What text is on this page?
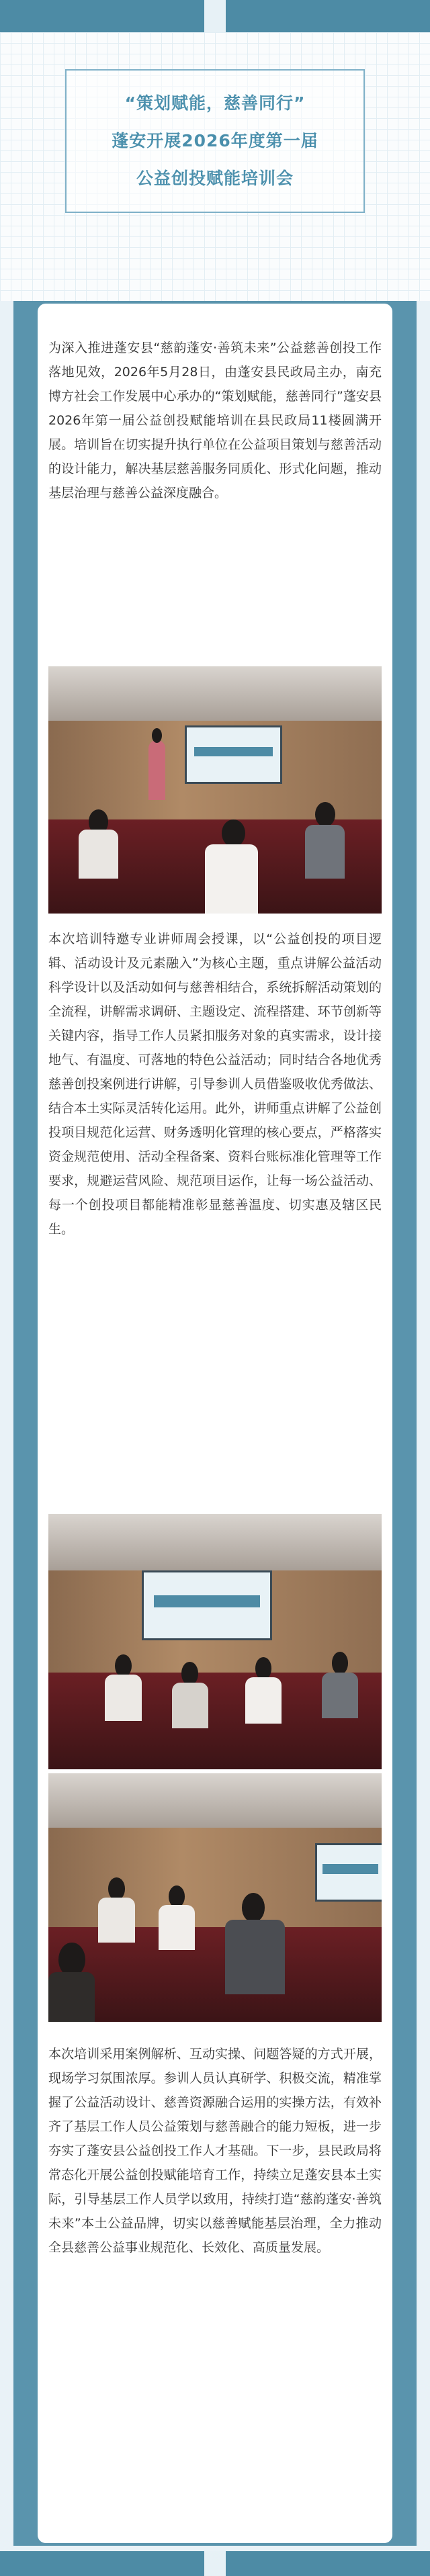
“策划赋能，慈善同行”
蓬安开展2026年度第一届
公益创投赋能培训会

为深入推进蓬安县“慈韵蓬安·善筑未来”公益慈善创投工作落地见效，2026年5月28日，由蓬安县民政局主办，南充博方社会工作发展中心承办的“策划赋能，慈善同行”蓬安县2026年第一届公益创投赋能培训在县民政局11楼圆满开展。培训旨在切实提升执行单位在公益项目策划与慈善活动的设计能力，解决基层慈善服务同质化、形式化问题，推动基层治理与慈善公益深度融合。

本次培训特邀专业讲师周会授课，以“公益创投的项目逻辑、活动设计及元素融入”为核心主题，重点讲解公益活动科学设计以及活动如何与慈善相结合，系统拆解活动策划的全流程，讲解需求调研、主题设定、流程搭建、环节创新等关键内容，指导工作人员紧扣服务对象的真实需求，设计接地气、有温度、可落地的特色公益活动；同时结合各地优秀慈善创投案例进行讲解，引导参训人员借鉴吸收优秀做法、结合本土实际灵活转化运用。此外，讲师重点讲解了公益创投项目规范化运营、财务透明化管理的核心要点，严格落实资金规范使用、活动全程备案、资料台账标准化管理等工作要求，规避运营风险、规范项目运作，让每一场公益活动、每一个创投项目都能精准彰显慈善温度、切实惠及辖区民生。

本次培训采用案例解析、互动实操、问题答疑的方式开展，现场学习氛围浓厚。参训人员认真研学、积极交流，精准掌握了公益活动设计、慈善资源融合运用的实操方法，有效补齐了基层工作人员公益策划与慈善融合的能力短板，进一步夯实了蓬安县公益创投工作人才基础。下一步，县民政局将常态化开展公益创投赋能培育工作，持续立足蓬安县本土实际，引导基层工作人员学以致用，持续打造“慈韵蓬安·善筑未来”本土公益品牌，切实以慈善赋能基层治理，全力推动全县慈善公益事业规范化、长效化、高质量发展。
